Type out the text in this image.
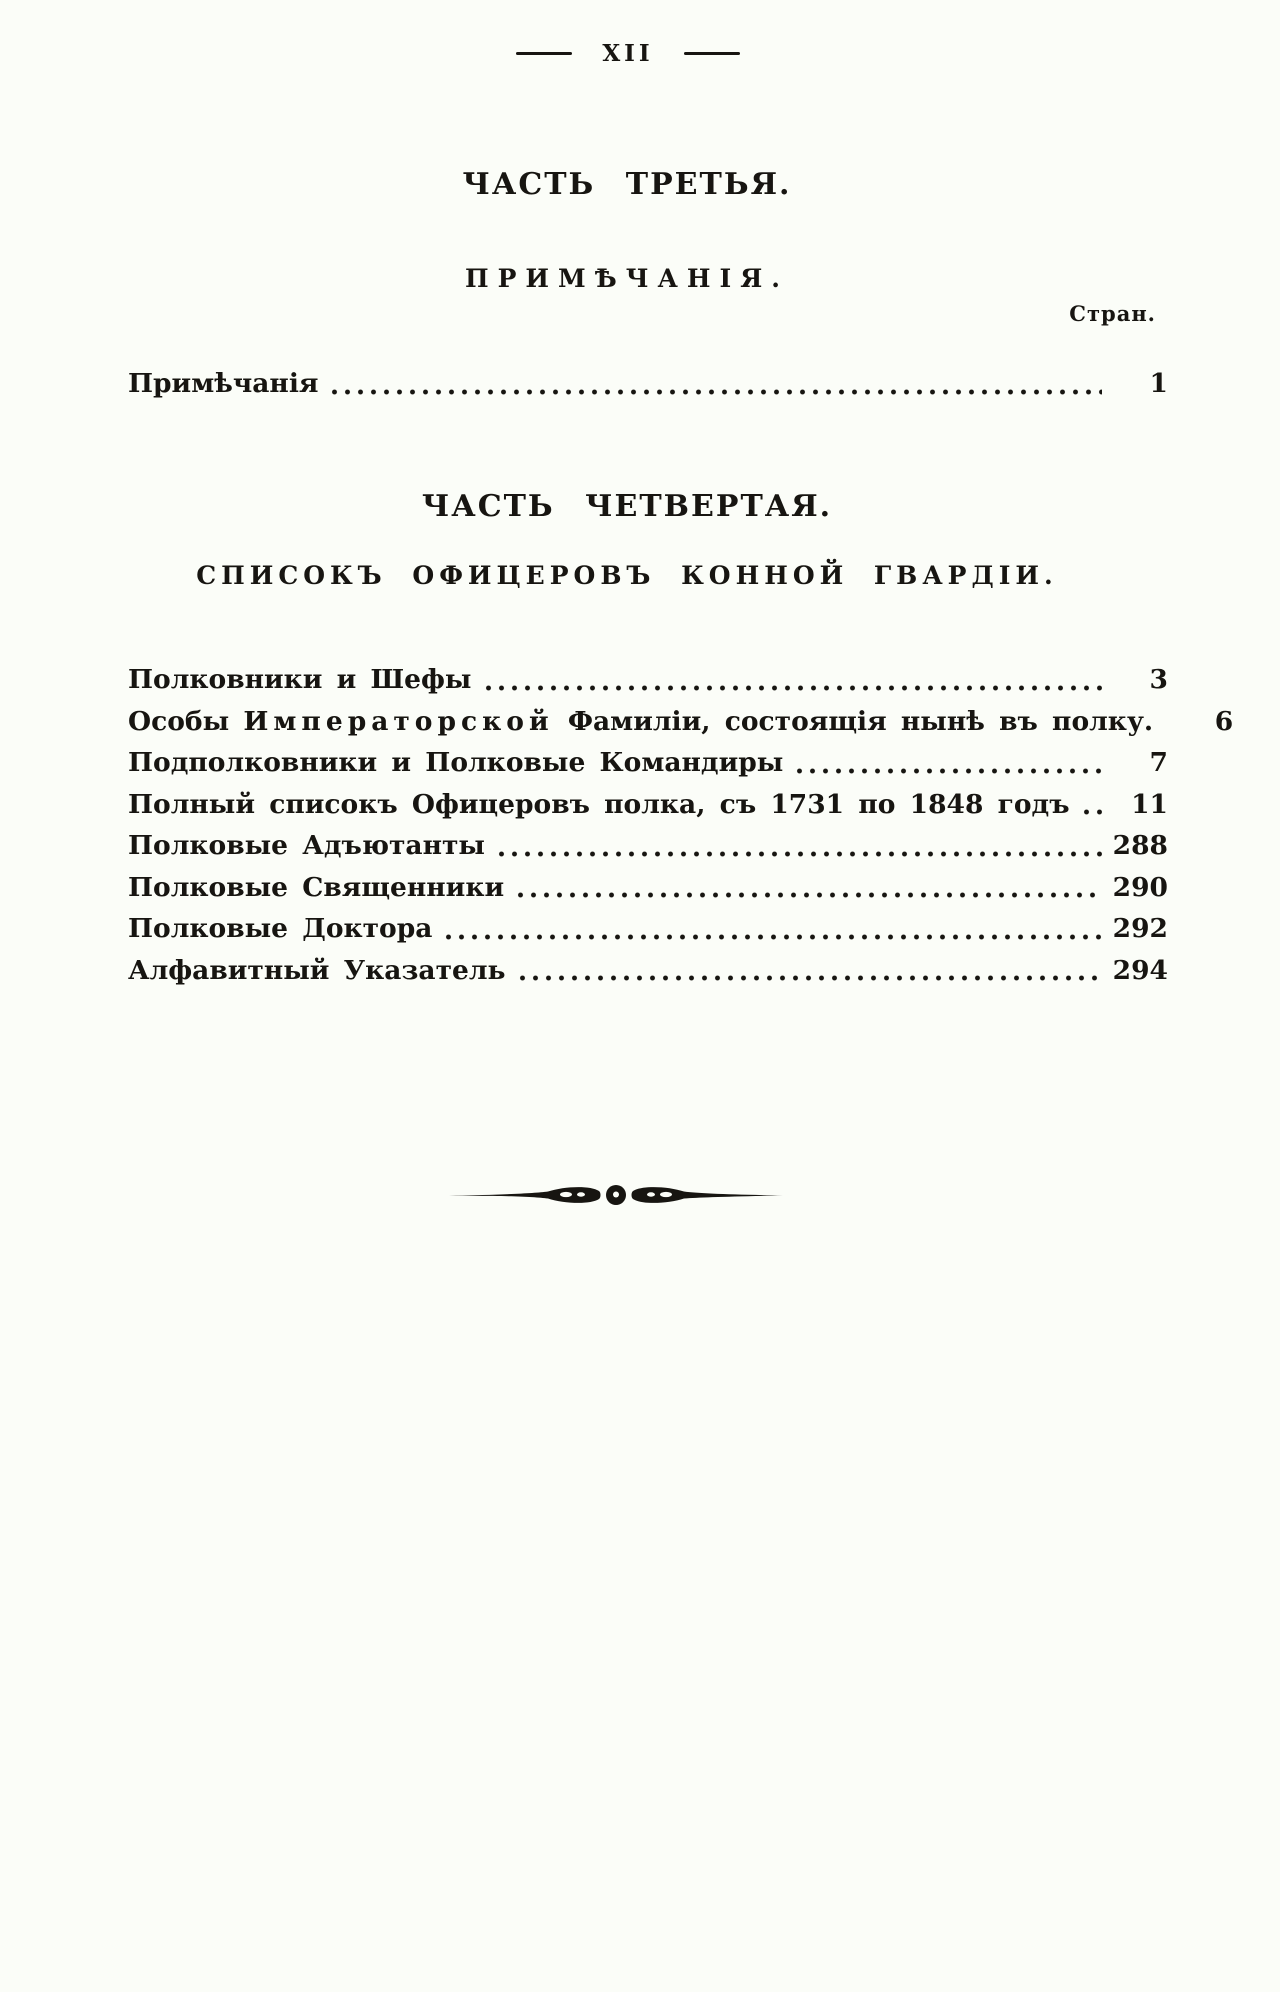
XII
ЧАСТЬ ТРЕТЬЯ.
ПРИМѢЧАНІЯ.
Стран.
Примѣчанія	1
ЧАСТЬ ЧЕТВЕРТАЯ.
СПИСОКЪ ОФИЦЕРОВЪ КОННОЙ ГВАРДІИ.
Полковники и Шефы	3
Особы Императорской Фамиліи, состоящія нынѣ въ полку.	6
Подполковники и Полковые Командиры	7
Полный списокъ Офицеровъ полка, съ 1731 по 1848 годъ	11
Полковые Адъютанты	288
Полковые Священники	290
Полковые Доктора	292
Алфавитный Указатель	294
